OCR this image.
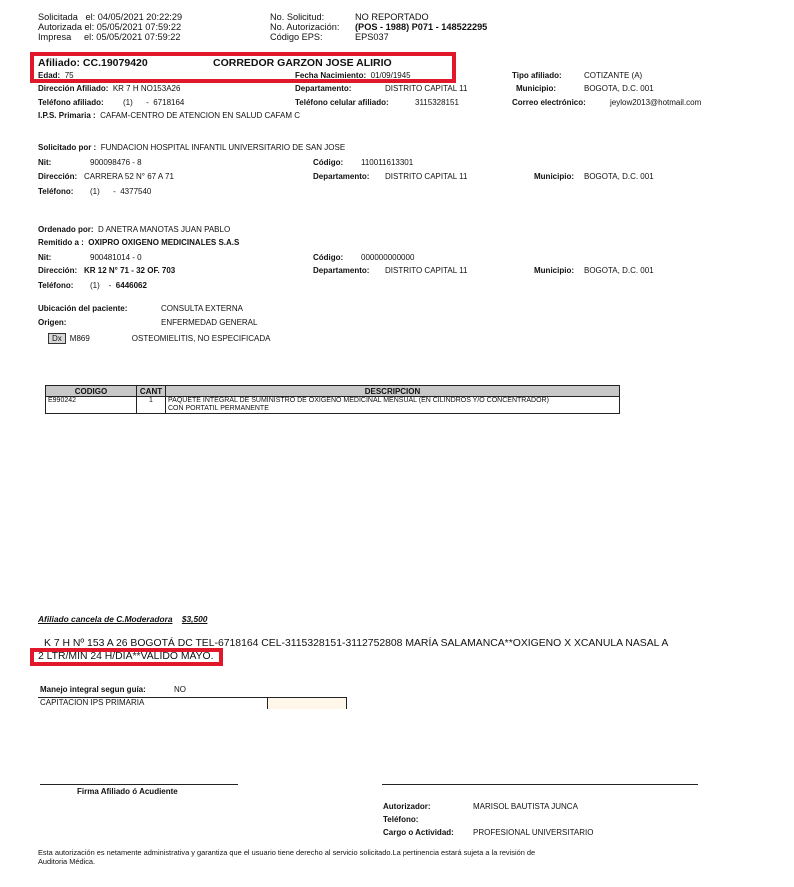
Solicitada el: 04/05/2021 20:22:29
Autorizada el: 05/05/2021 07:59:22
Impresa el: 05/05/2021 07:59:22
No. Solicitud:	NO REPORTADO
No. Autorización: (POS - 1988) P071 - 148522295
Código EPS:	EPS037
Afiliado: CC.19079420	CORREDOR GARZON JOSE ALIRIO
Edad: 75	Fecha Nacimiento: 01/09/1945	Tipo afiliado:	COTIZANTE (A)
Dirección Afiliado: KR 7 H NO153A26	Departamento:	DISTRITO CAPITAL 11	Municipio:	BOGOTA, D.C. 001
Teléfono afiliado: (1)      -  6718164	Teléfono celular afiliado:	3115328151	Correo electrónico:	jeylow2013@hotmail.com
I.P.S. Primaria : CAFAM-CENTRO DE ATENCION EN SALUD CAFAM C
Solicitado por : FUNDACION HOSPITAL INFANTIL UNIVERSITARIO DE SAN JOSE
Nit:	900098476 - 8	Código: 110011613301
Dirección: CARRERA 52 N° 67 A 71	Departamento: DISTRITO CAPITAL 11	Municipio: BOGOTA, D.C. 001
Teléfono: (1)      -  4377540
Ordenado por: D ANETRA MANOTAS JUAN PABLO
Remitido a : OXIPRO OXIGENO MEDICINALES S.A.S
Nit:	900481014 - 0	Código: 000000000000
Dirección: KR 12 N° 71 - 32 OF. 703	Departamento: DISTRITO CAPITAL 11	Municipio: BOGOTA, D.C. 001
Teléfono: (1)    - 6446062
Ubicación del paciente:	CONSULTA EXTERNA
Origen:	ENFERMEDAD GENERAL
Dx M869	OSTEOMIELITIS, NO ESPECIFICADA
CODIGO	CANT	DESCRIPCION
E990242	1	PAQUETE INTEGRAL DE SUMINISTRO DE OXIGENO MEDICINAL MENSUAL (EN CILINDROS Y/O CONCENTRADOR)
CON PORTATIL PERMANENTE
Afiliado cancela de C.Moderadora $3,500
K 7 H Nº 153 A 26 BOGOTÁ DC TEL-6718164 CEL-3115328151-3112752808 MARÍA SALAMANCA**OXIGENO X XCANULA NASAL A
2 LTR/MIN 24 H/DIA**VALIDO MAYO.
Manejo integral segun guía:	NO
CAPITACION IPS PRIMARIA
Firma Afiliado ó Acudiente
Autorizador:	MARISOL BAUTISTA JUNCA
Teléfono:
Cargo o Actividad: PROFESIONAL UNIVERSITARIO
Esta autorización es netamente administrativa y garantiza que el usuario tiene derecho al servicio solicitado.La pertinencia estará sujeta a la revisión de
Auditoria Médica.
